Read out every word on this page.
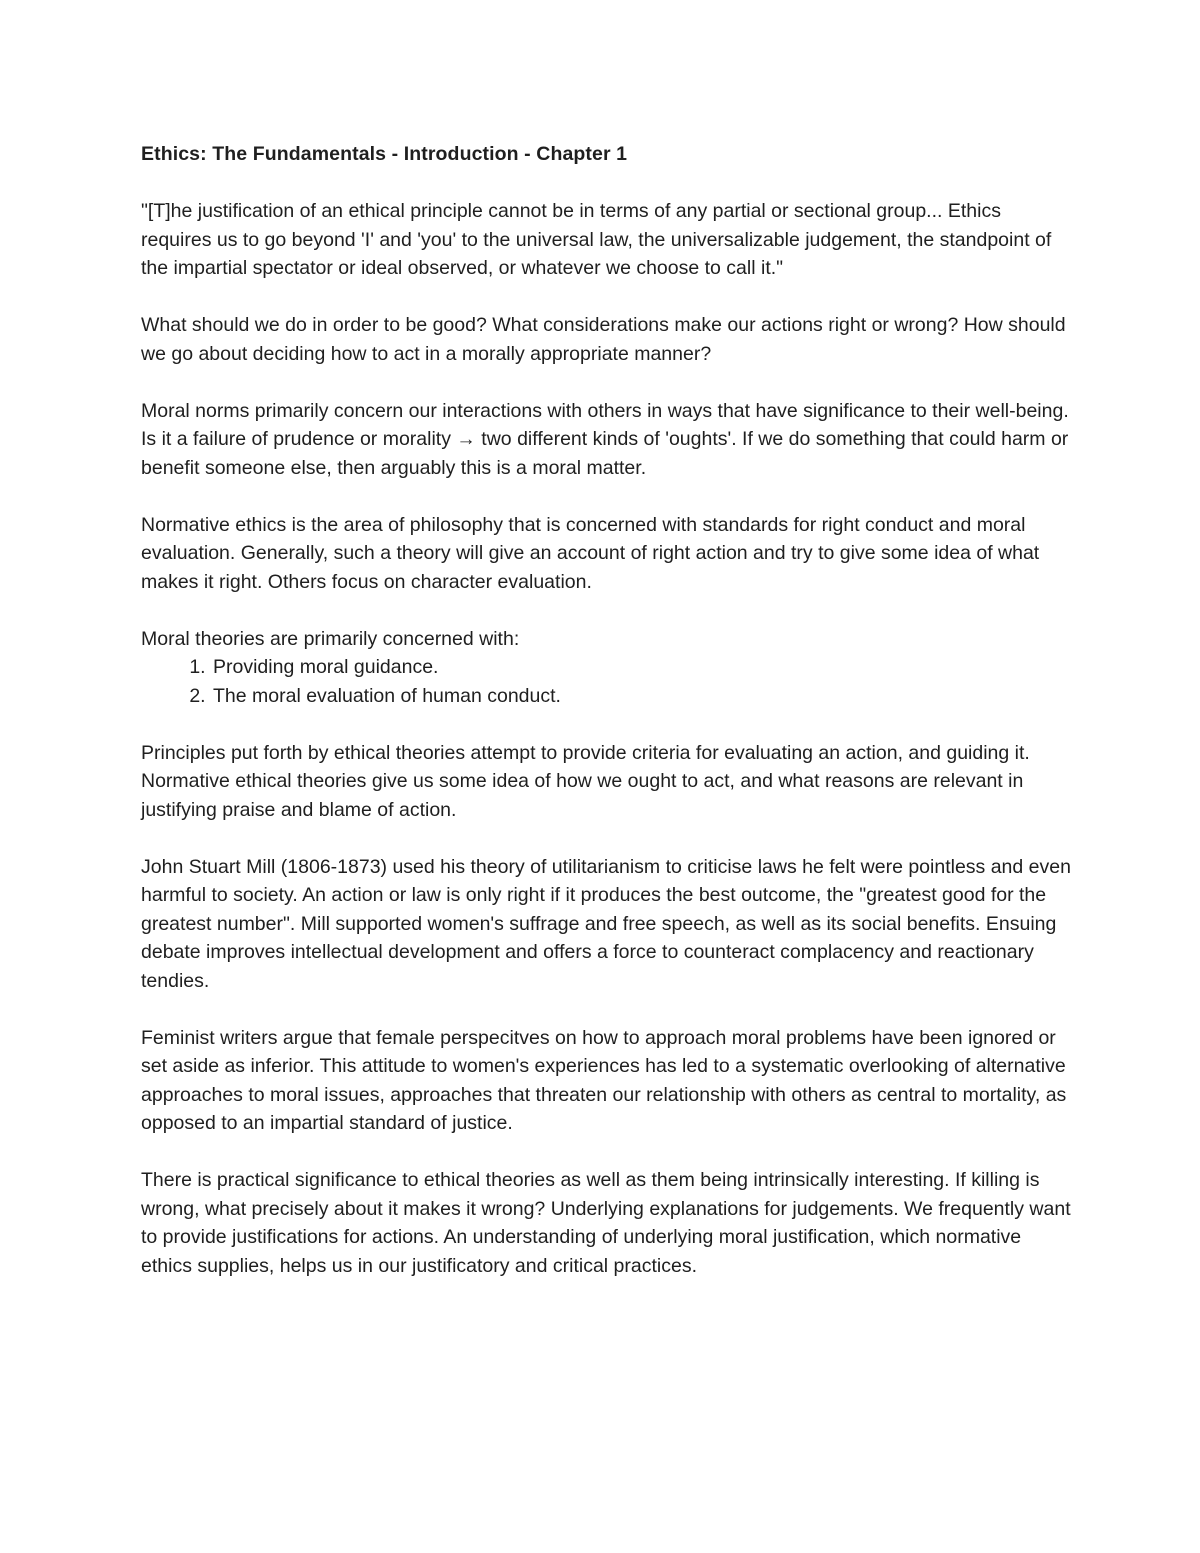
Ethics: The Fundamentals - Introduction - Chapter 1

"[T]he justification of an ethical principle cannot be in terms of any partial or sectional group... Ethics requires us to go beyond 'I' and 'you' to the universal law, the universalizable judgement, the standpoint of the impartial spectator or ideal observed, or whatever we choose to call it."

What should we do in order to be good? What considerations make our actions right or wrong? How should we go about deciding how to act in a morally appropriate manner?

Moral norms primarily concern our interactions with others in ways that have significance to their well-being. Is it a failure of prudence or morality → two different kinds of 'oughts'. If we do something that could harm or benefit someone else, then arguably this is a moral matter.

Normative ethics is the area of philosophy that is concerned with standards for right conduct and moral evaluation. Generally, such a theory will give an account of right action and try to give some idea of what makes it right. Others focus on character evaluation.

Moral theories are primarily concerned with:

1. Providing moral guidance.
2. The moral evaluation of human conduct.

Principles put forth by ethical theories attempt to provide criteria for evaluating an action, and guiding it. Normative ethical theories give us some idea of how we ought to act, and what reasons are relevant in justifying praise and blame of action.

John Stuart Mill (1806-1873) used his theory of utilitarianism to criticise laws he felt were pointless and even harmful to society. An action or law is only right if it produces the best outcome, the "greatest good for the greatest number". Mill supported women's suffrage and free speech, as well as its social benefits. Ensuing debate improves intellectual development and offers a force to counteract complacency and reactionary tendies.

Feminist writers argue that female perspecitves on how to approach moral problems have been ignored or set aside as inferior. This attitude to women's experiences has led to a systematic overlooking of alternative approaches to moral issues, approaches that threaten our relationship with others as central to mortality, as opposed to an impartial standard of justice.

There is practical significance to ethical theories as well as them being intrinsically interesting. If killing is wrong, what precisely about it makes it wrong? Underlying explanations for judgements. We frequently want to provide justifications for actions. An understanding of underlying moral justification, which normative ethics supplies, helps us in our justificatory and critical practices.
